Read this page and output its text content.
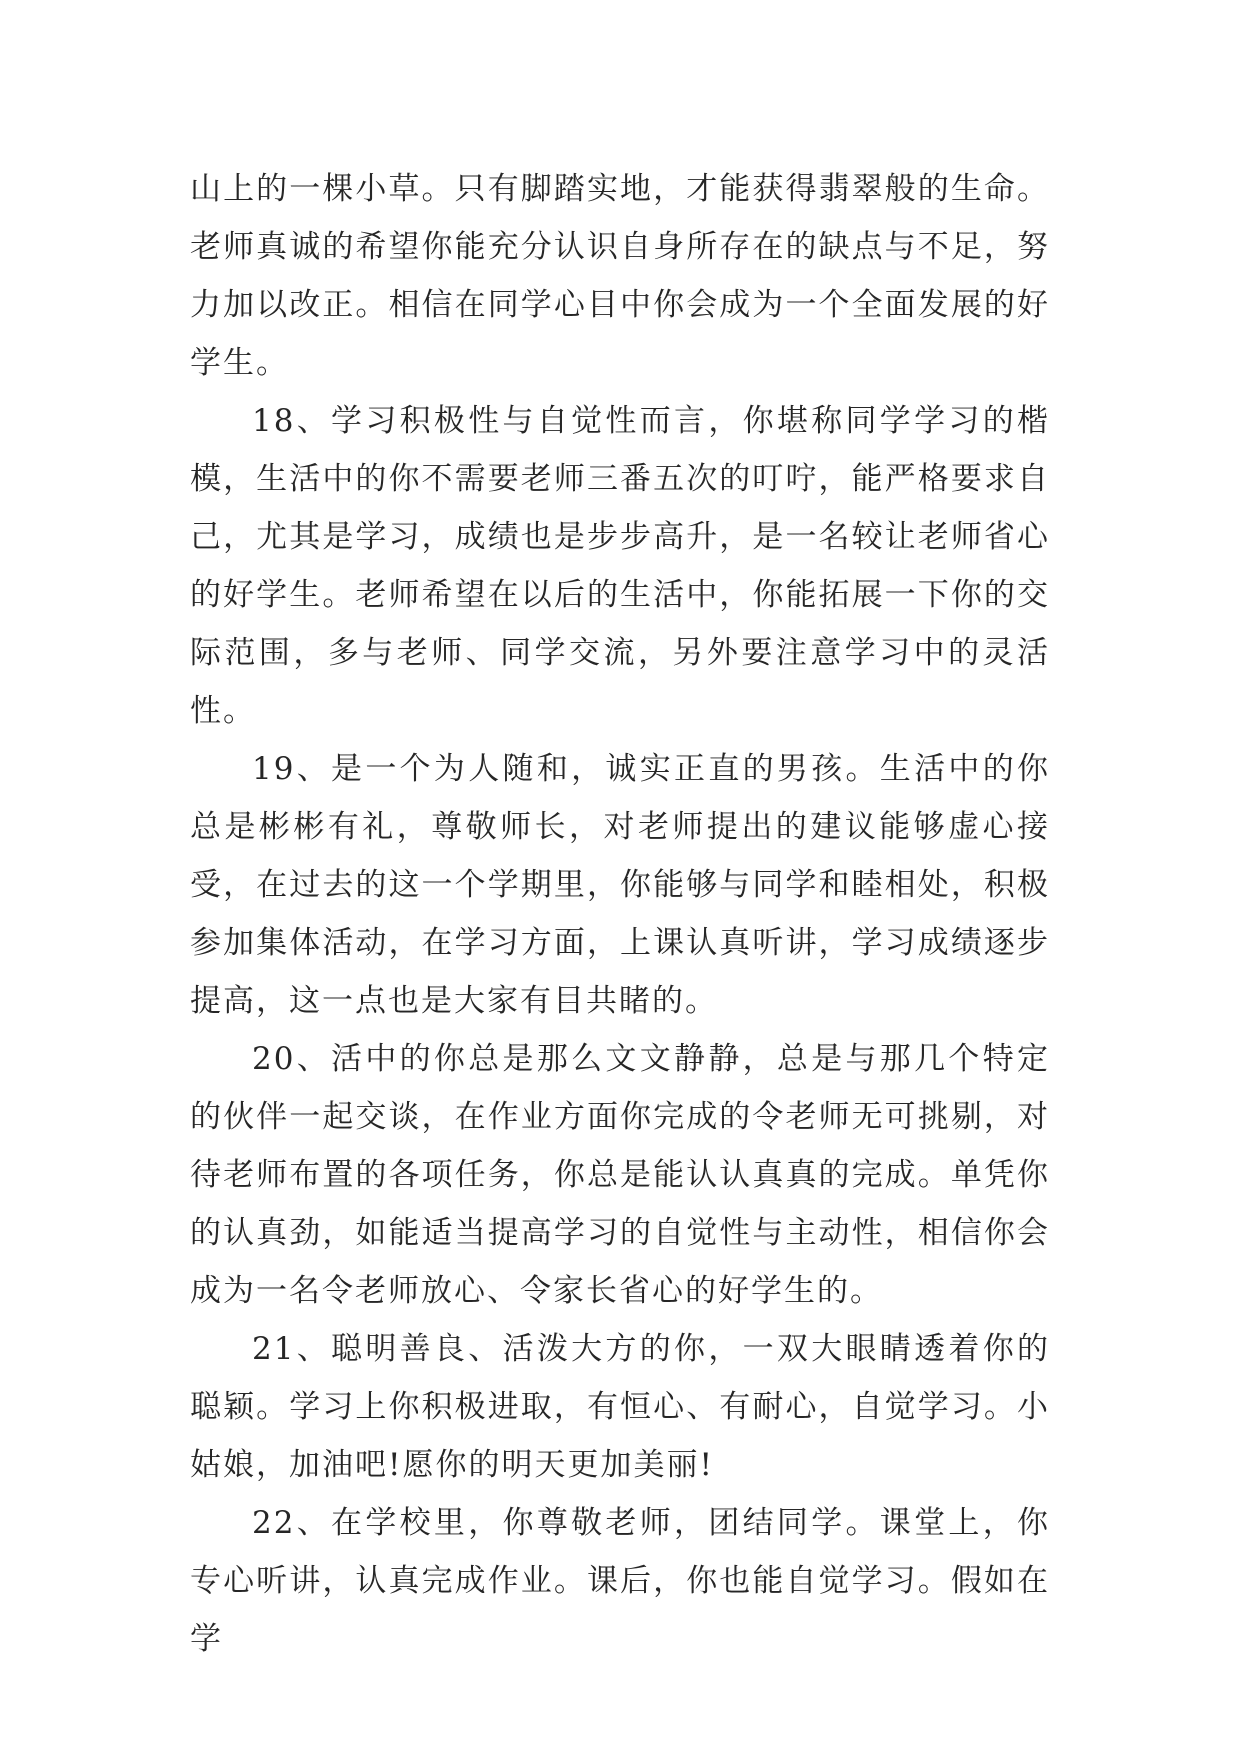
山上的一棵小草。只有脚踏实地，才能获得翡翠般的生命。老师真诚的希望你能充分认识自身所存在的缺点与不足，努力加以改正。相信在同学心目中你会成为一个全面发展的好学生。

18、学习积极性与自觉性而言，你堪称同学学习的楷模，生活中的你不需要老师三番五次的叮咛，能严格要求自己，尤其是学习，成绩也是步步高升，是一名较让老师省心的好学生。老师希望在以后的生活中，你能拓展一下你的交际范围，多与老师、同学交流，另外要注意学习中的灵活性。

19、是一个为人随和，诚实正直的男孩。生活中的你总是彬彬有礼，尊敬师长，对老师提出的建议能够虚心接受，在过去的这一个学期里，你能够与同学和睦相处，积极参加集体活动，在学习方面，上课认真听讲，学习成绩逐步提高，这一点也是大家有目共睹的。

20、活中的你总是那么文文静静，总是与那几个特定的伙伴一起交谈，在作业方面你完成的令老师无可挑剔，对待老师布置的各项任务，你总是能认认真真的完成。单凭你的认真劲，如能适当提高学习的自觉性与主动性，相信你会成为一名令老师放心、令家长省心的好学生的。

21、聪明善良、活泼大方的你，一双大眼睛透着你的聪颖。学习上你积极进取，有恒心、有耐心，自觉学习。小姑娘，加油吧!愿你的明天更加美丽!

22、在学校里，你尊敬老师，团结同学。课堂上，你专心听讲，认真完成作业。课后，你也能自觉学习。假如在学
